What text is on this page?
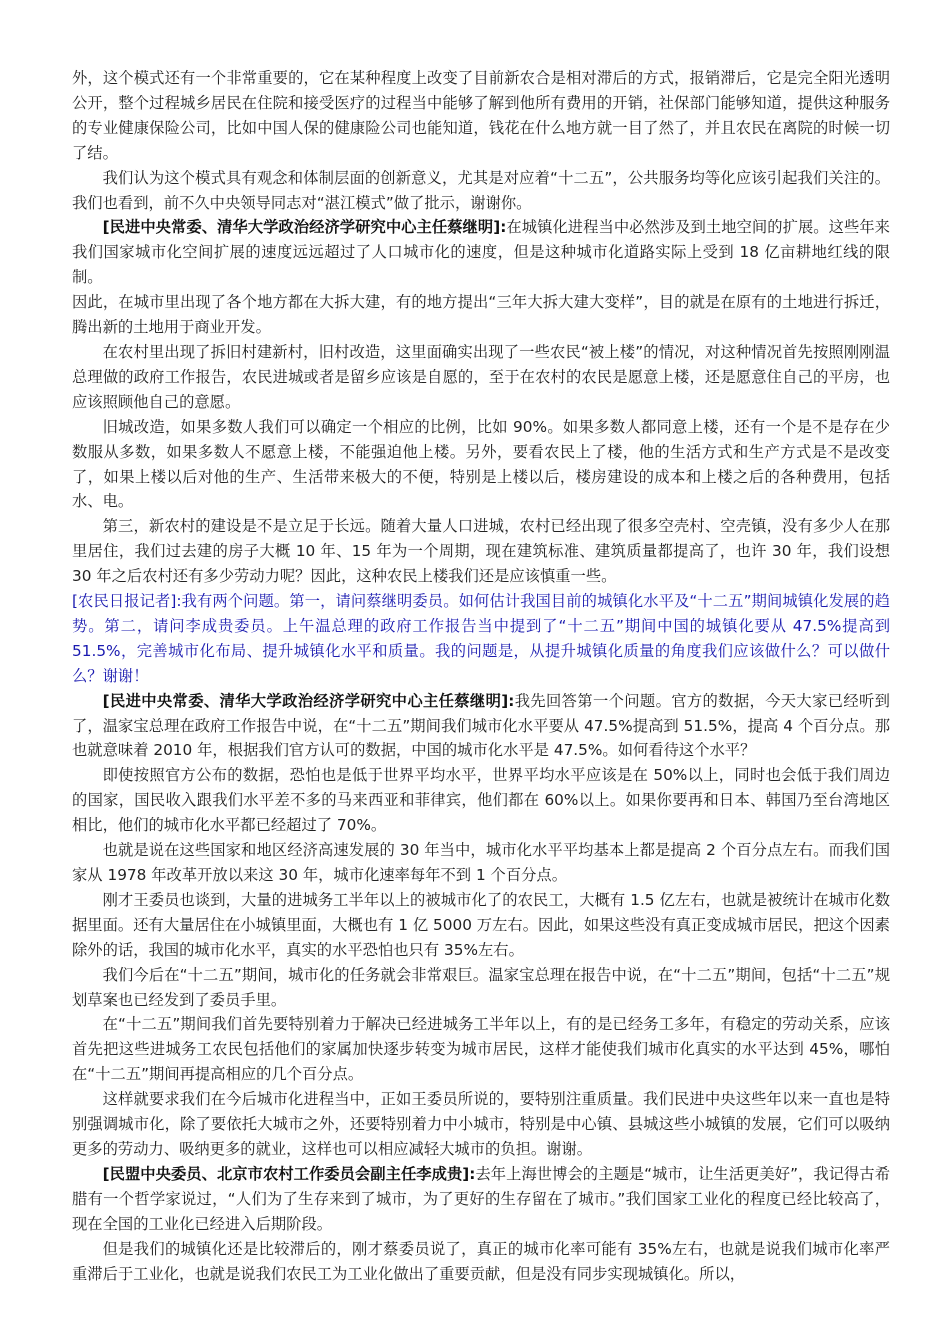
外，这个模式还有一个非常重要的，它在某种程度上改变了目前新农合是相对滞后的方式，报销滞后，它是完全阳光透明公开，整个过程城乡居民在住院和接受医疗的过程当中能够了解到他所有费用的开销，社保部门能够知道，提供这种服务的专业健康保险公司，比如中国人保的健康险公司也能知道，钱花在什么地方就一目了然了，并且农民在离院的时候一切了结。

我们认为这个模式具有观念和体制层面的创新意义，尤其是对应着“十二五”，公共服务均等化应该引起我们关注的。我们也看到，前不久中央领导同志对“湛江模式”做了批示，谢谢你。

[民进中央常委、清华大学政治经济学研究中心主任蔡继明]:在城镇化进程当中必然涉及到土地空间的扩展。这些年来我们国家城市化空间扩展的速度远远超过了人口城市化的速度，但是这种城市化道路实际上受到 18 亿亩耕地红线的限制。

因此，在城市里出现了各个地方都在大拆大建，有的地方提出“三年大拆大建大变样”，目的就是在原有的土地进行拆迁，腾出新的土地用于商业开发。

在农村里出现了拆旧村建新村，旧村改造，这里面确实出现了一些农民“被上楼”的情况，对这种情况首先按照刚刚温总理做的政府工作报告，农民进城或者是留乡应该是自愿的，至于在农村的农民是愿意上楼，还是愿意住自己的平房，也应该照顾他自己的意愿。

旧城改造，如果多数人我们可以确定一个相应的比例，比如 90%。如果多数人都同意上楼，还有一个是不是存在少数服从多数，如果多数人不愿意上楼，不能强迫他上楼。另外，要看农民上了楼，他的生活方式和生产方式是不是改变了，如果上楼以后对他的生产、生活带来极大的不便，特别是上楼以后，楼房建设的成本和上楼之后的各种费用，包括水、电。

第三，新农村的建设是不是立足于长远。随着大量人口进城，农村已经出现了很多空壳村、空壳镇，没有多少人在那里居住，我们过去建的房子大概 10 年、15 年为一个周期，现在建筑标准、建筑质量都提高了，也许 30 年，我们设想 30 年之后农村还有多少劳动力呢？因此，这种农民上楼我们还是应该慎重一些。

[农民日报记者]:我有两个问题。第一，请问蔡继明委员。如何估计我国目前的城镇化水平及“十二五”期间城镇化发展的趋势。第二，请问李成贵委员。上午温总理的政府工作报告当中提到了“十二五”期间中国的城镇化要从 47.5%提高到 51.5%，完善城市化布局、提升城镇化水平和质量。我的问题是，从提升城镇化质量的角度我们应该做什么？可以做什么？谢谢！

[民进中央常委、清华大学政治经济学研究中心主任蔡继明]:我先回答第一个问题。官方的数据，今天大家已经听到了，温家宝总理在政府工作报告中说，在“十二五”期间我们城市化水平要从 47.5%提高到 51.5%，提高 4 个百分点。那也就意味着 2010 年，根据我们官方认可的数据，中国的城市化水平是 47.5%。如何看待这个水平？

即使按照官方公布的数据，恐怕也是低于世界平均水平，世界平均水平应该是在 50%以上，同时也会低于我们周边的国家，国民收入跟我们水平差不多的马来西亚和菲律宾，他们都在 60%以上。如果你要再和日本、韩国乃至台湾地区相比，他们的城市化水平都已经超过了 70%。

也就是说在这些国家和地区经济高速发展的 30 年当中，城市化水平平均基本上都是提高 2 个百分点左右。而我们国家从 1978 年改革开放以来这 30 年，城市化速率每年不到 1 个百分点。

刚才王委员也谈到，大量的进城务工半年以上的被城市化了的农民工，大概有 1.5 亿左右，也就是被统计在城市化数据里面。还有大量居住在小城镇里面，大概也有 1 亿 5000 万左右。因此，如果这些没有真正变成城市居民，把这个因素除外的话，我国的城市化水平，真实的水平恐怕也只有 35%左右。

我们今后在“十二五”期间，城市化的任务就会非常艰巨。温家宝总理在报告中说，在“十二五”期间，包括“十二五”规划草案也已经发到了委员手里。

在“十二五”期间我们首先要特别着力于解决已经进城务工半年以上，有的是已经务工多年，有稳定的劳动关系，应该首先把这些进城务工农民包括他们的家属加快逐步转变为城市居民，这样才能使我们城市化真实的水平达到 45%，哪怕在“十二五”期间再提高相应的几个百分点。

这样就要求我们在今后城市化进程当中，正如王委员所说的，要特别注重质量。我们民进中央这些年以来一直也是特别强调城市化，除了要依托大城市之外，还要特别着力中小城市，特别是中心镇、县城这些小城镇的发展，它们可以吸纳更多的劳动力、吸纳更多的就业，这样也可以相应减轻大城市的负担。谢谢。

[民盟中央委员、北京市农村工作委员会副主任李成贵]:去年上海世博会的主题是“城市，让生活更美好”，我记得古希腊有一个哲学家说过，“人们为了生存来到了城市，为了更好的生存留在了城市。”我们国家工业化的程度已经比较高了，现在全国的工业化已经进入后期阶段。

但是我们的城镇化还是比较滞后的，刚才蔡委员说了，真正的城市化率可能有 35%左右，也就是说我们城市化率严重滞后于工业化，也就是说我们农民工为工业化做出了重要贡献，但是没有同步实现城镇化。所以，
